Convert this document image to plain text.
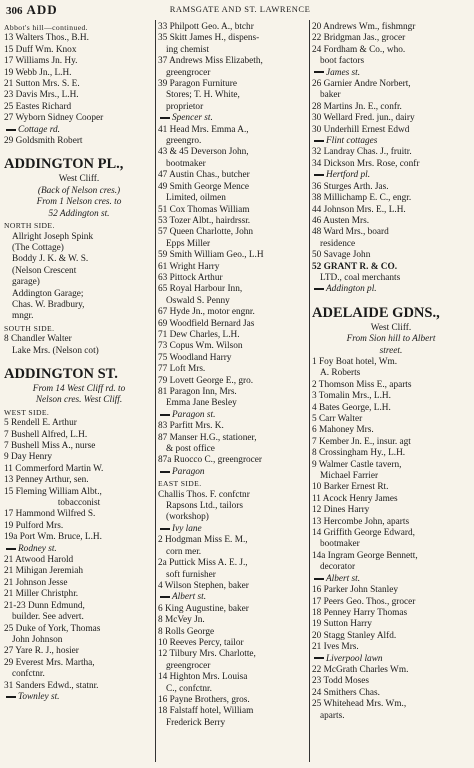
306 ADD	RAMSGATE AND ST. LAWRENCE
Abbot's hill—continued.
13 Walters Thos., B.H.
15 Duff Wm. Knox
17 Williams Jn. Hy.
19 Webb Jn., L.H.
21 Sutton Mrs. S. E.
23 Davis Mrs., L.H.
25 Eastes Richard
27 Wyborn Sidney Cooper
Cottage rd.
29 Goldsmith Robert
ADDINGTON PL.,
West Cliff.
(Back of Nelson cres.)
From 1 Nelson cres. to
52 Addington st.
NORTH SIDE.
Allright Joseph Spink
(The Cottage)
Boddy J. K. & W. S.
(Nelson Crescent
garage)
Addington Garage;
Chas. W. Bradbury,
mngr.
SOUTH SIDE.
8 Chandler Walter
Lake Mrs. (Nelson cot)
ADDINGTON ST.
From 14 West Cliff rd. to
Nelson cres. West Cliff.
WEST SIDE.
5 Rendell E. Arthur
7 Bushell Alfred, L.H.
7 Bushell Miss A., nurse
9 Day Henry
11 Commerford Martin W.
13 Penney Arthur, sen.
15 Fleming William Albt.,
tobacconist
17 Hammond Wilfred S.
19 Pulford Mrs.
19a Port Wm. Bruce, L.H.
Rodney st.
21 Atwood Harold
21 Mihigan Jeremiah
21 Johnson Jesse
21 Miller Christphr.
21-23 Dunn Edmund,
builder. See advert.
25 Duke of York, Thomas
John Johnson
27 Yare R. J., hosier
29 Everest Mrs. Martha,
confctnr.
31 Sanders Edwd., statnr.
Townley st.
33 Philpott Geo. A., btchr
35 Skitt James H., dispens-
ing chemist
37 Andrews Miss Elizabeth,
greengrocer
39 Paragon Furniture
Stores; T. H. White,
proprietor
Spencer st.
41 Head Mrs. Emma A.,
greengro.
43 & 45 Deverson John,
bootmaker
47 Austin Chas., butcher
49 Smith George Mence
Limited, oilmen
51 Cox Thomas William
53 Tozer Albt., hairdrssr.
57 Queen Charlotte, John
Epps Miller
59 Smith William Geo., L.H
61 Wright Harry
63 Pittock Arthur
65 Royal Harbour Inn,
Oswald S. Penny
67 Hyde Jn., motor engnr.
69 Woodfield Bernard Jas
71 Dew Charles, L.H.
73 Copus Wm. Wilson
75 Woodland Harry
77 Loft Mrs.
79 Lovett George E., gro.
81 Paragon Inn, Mrs.
Emma Jane Besley
Paragon st.
83 Parfitt Mrs. K.
87 Manser H.G., stationer,
& post office
87a Ruocco C., greengrocer
Paragon
EAST SIDE.
Challis Thos. F. confctnr
Rapsons Ltd., tailors
(workshop)
Ivy lane
2 Hodgman Miss E. M.,
corn mer.
2a Puttick Miss A. E. J.,
soft furnisher
4 Wilson Stephen, baker
Albert st.
6 King Augustine, baker
8 McVey Jn.
8 Rolls George
10 Reeves Percy, tailor
12 Tilbury Mrs. Charlotte,
greengrocer
14 Highton Mrs. Louisa
C., confctnr.
16 Payne Brothers, gros.
18 Falstaff hotel, William
Frederick Berry
20 Andrews Wm., fishmngr
22 Bridgman Jas., grocer
24 Fordham & Co., who.
boot factors
James st.
26 Garnier Andre Norbert,
baker
28 Martins Jn. E., confr.
30 Wellard Fred. jun., dairy
30 Underhill Ernest Edwd
Flint cottages
32 Landray Chas. J., fruitr.
34 Dickson Mrs. Rose, confr
Hertford pl.
36 Sturges Arth. Jas.
38 Millichamp E. C., engr.
44 Johnson Mrs. E., L.H.
46 Austen Mrs.
48 Ward Mrs., board
residence
50 Savage John
52 GRANT R. & CO.
LTD., coal merchants
Addington pl.
ADELAIDE GDNS.,
West Cliff.
From Sion hill to Albert
street.
1 Foy Boat hotel, Wm.
A. Roberts
2 Thomson Miss E., aparts
3 Tomalin Mrs., L.H.
4 Bates George, L.H.
5 Carr Walter
6 Mahoney Mrs.
7 Kember Jn. E., insur. agt
8 Crossingham Hy., L.H.
9 Walmer Castle tavern,
Michael Farrier
10 Barker Ernest Rt.
11 Acock Henry James
12 Dines Harry
13 Hercombe John, aparts
14 Griffith George Edward,
bootmaker
14a Ingram George Bennett,
decorator
Albert st.
16 Parker John Stanley
17 Peers Geo. Thos., grocer
18 Penney Harry Thomas
19 Sutton Harry
20 Stagg Stanley Alfd.
21 Ives Mrs.
Liverpool lawn
22 McGrath Charles Wm.
23 Todd Moses
24 Smithers Chas.
25 Whitehead Mrs. Wm.,
aparts.
